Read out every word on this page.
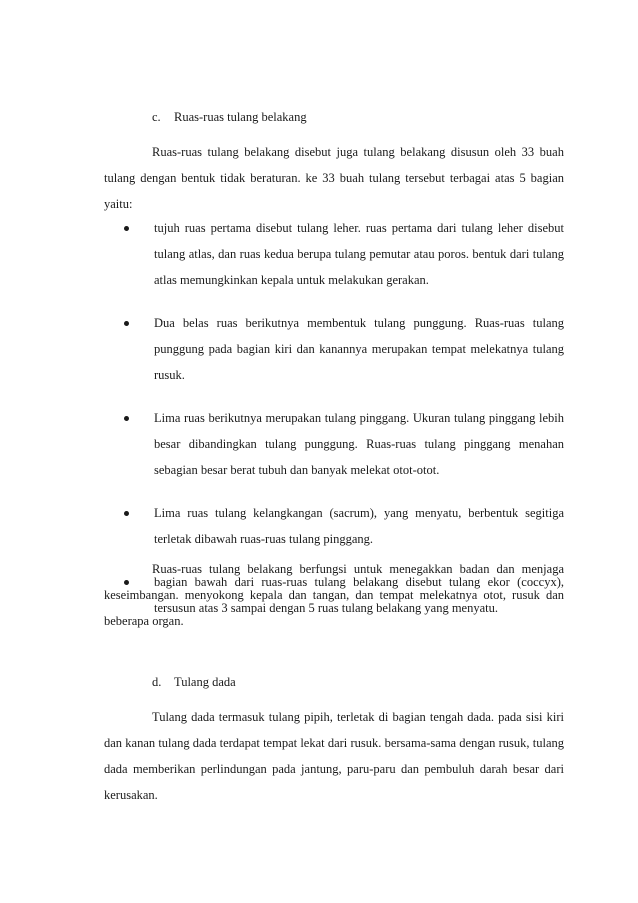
c. Ruas-ruas tulang belakang

Ruas-ruas tulang belakang disebut juga tulang belakang disusun oleh 33 buah tulang dengan bentuk tidak beraturan. ke 33 buah tulang tersebut terbagai atas 5 bagian yaitu:

tujuh ruas pertama disebut tulang leher. ruas pertama dari tulang leher disebut tulang atlas, dan ruas kedua berupa tulang pemutar atau poros. bentuk dari tulang atlas memungkinkan kepala untuk melakukan gerakan.
Dua belas ruas berikutnya membentuk tulang punggung. Ruas-ruas tulang punggung pada bagian kiri dan kanannya merupakan tempat melekatnya tulang rusuk.
Lima ruas berikutnya merupakan tulang pinggang. Ukuran tulang pinggang lebih besar dibandingkan tulang punggung. Ruas-ruas tulang pinggang menahan sebagian besar berat tubuh dan banyak melekat otot-otot.
Lima ruas tulang kelangkangan (sacrum), yang menyatu, berbentuk segitiga terletak dibawah ruas-ruas tulang pinggang.
bagian bawah dari ruas-ruas tulang belakang disebut tulang ekor (coccyx), tersusun atas 3 sampai dengan 5 ruas tulang belakang yang menyatu.

Ruas-ruas tulang belakang berfungsi untuk menegakkan badan dan menjaga keseimbangan. menyokong kepala dan tangan, dan tempat melekatnya otot, rusuk dan beberapa organ.

d. Tulang dada

Tulang dada termasuk tulang pipih, terletak di bagian tengah dada. pada sisi kiri dan kanan tulang dada terdapat tempat lekat dari rusuk. bersama-sama dengan rusuk, tulang dada memberikan perlindungan pada jantung, paru-paru dan pembuluh darah besar dari kerusakan.
